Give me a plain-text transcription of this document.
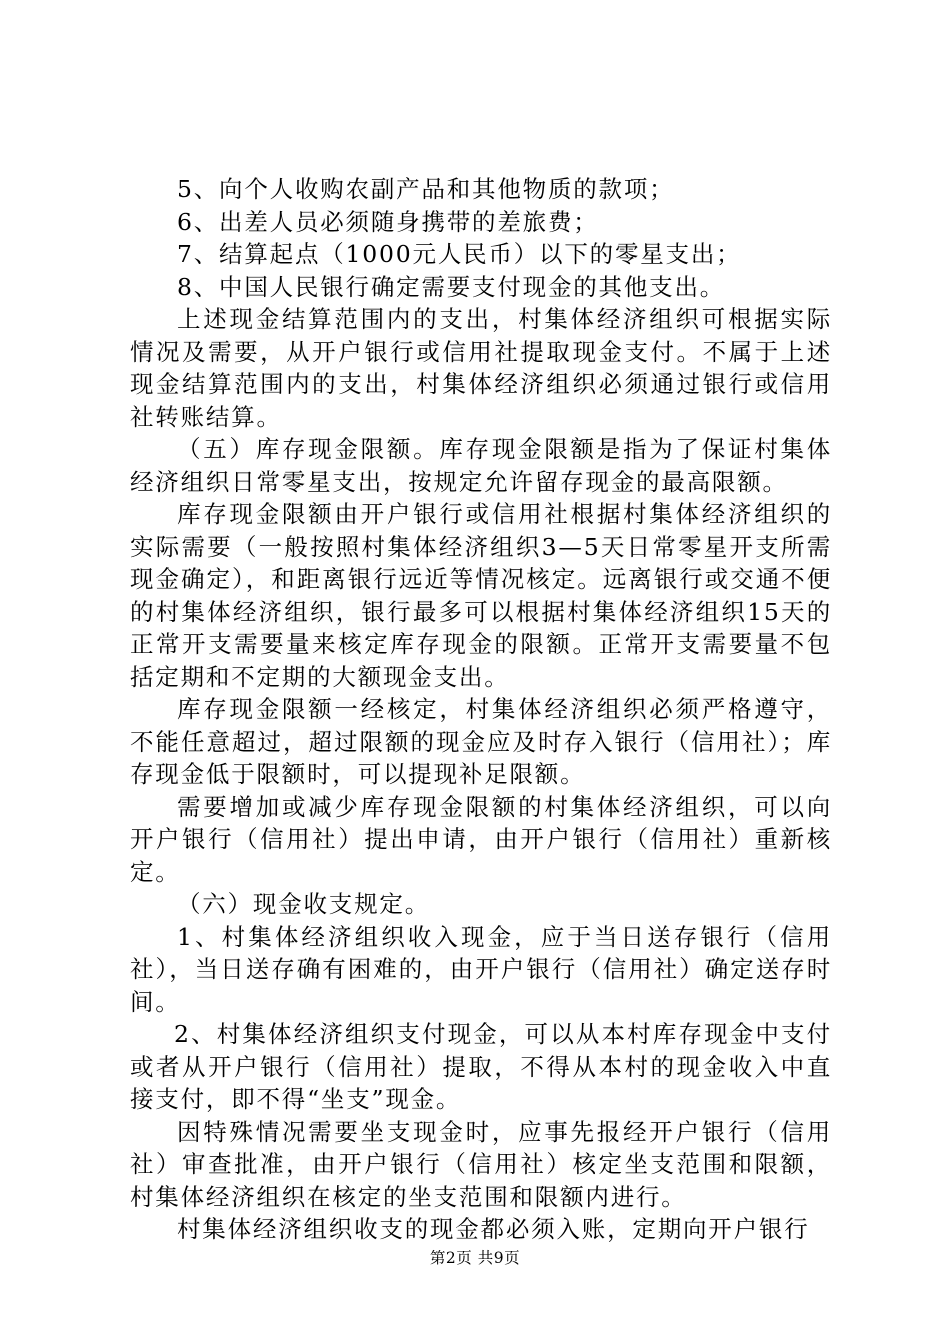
5、向个人收购农副产品和其他物质的款项；

6、出差人员必须随身携带的差旅费；

7、结算起点（1000元人民币）以下的零星支出；

8、中国人民银行确定需要支付现金的其他支出。

上述现金结算范围内的支出，村集体经济组织可根据实际情况及需要，从开户银行或信用社提取现金支付。不属于上述现金结算范围内的支出，村集体经济组织必须通过银行或信用社转账结算。

（五）库存现金限额。库存现金限额是指为了保证村集体经济组织日常零星支出，按规定允许留存现金的最高限额。

库存现金限额由开户银行或信用社根据村集体经济组织的实际需要（一般按照村集体经济组织3—5天日常零星开支所需现金确定），和距离银行远近等情况核定。远离银行或交通不便的村集体经济组织，银行最多可以根据村集体经济组织15天的正常开支需要量来核定库存现金的限额。正常开支需要量不包括定期和不定期的大额现金支出。

库存现金限额一经核定，村集体经济组织必须严格遵守，不能任意超过，超过限额的现金应及时存入银行（信用社）；库存现金低于限额时，可以提现补足限额。

需要增加或减少库存现金限额的村集体经济组织，可以向开户银行（信用社）提出申请，由开户银行（信用社）重新核定。

（六）现金收支规定。

1、村集体经济组织收入现金，应于当日送存银行（信用社），当日送存确有困难的，由开户银行（信用社）确定送存时间。

2、村集体经济组织支付现金，可以从本村库存现金中支付或者从开户银行（信用社）提取，不得从本村的现金收入中直接支付，即不得“坐支”现金。

因特殊情况需要坐支现金时，应事先报经开户银行（信用社）审查批准，由开户银行（信用社）核定坐支范围和限额，村集体经济组织在核定的坐支范围和限额内进行。

村集体经济组织收支的现金都必须入账，定期向开户银行

第2页 共9页
